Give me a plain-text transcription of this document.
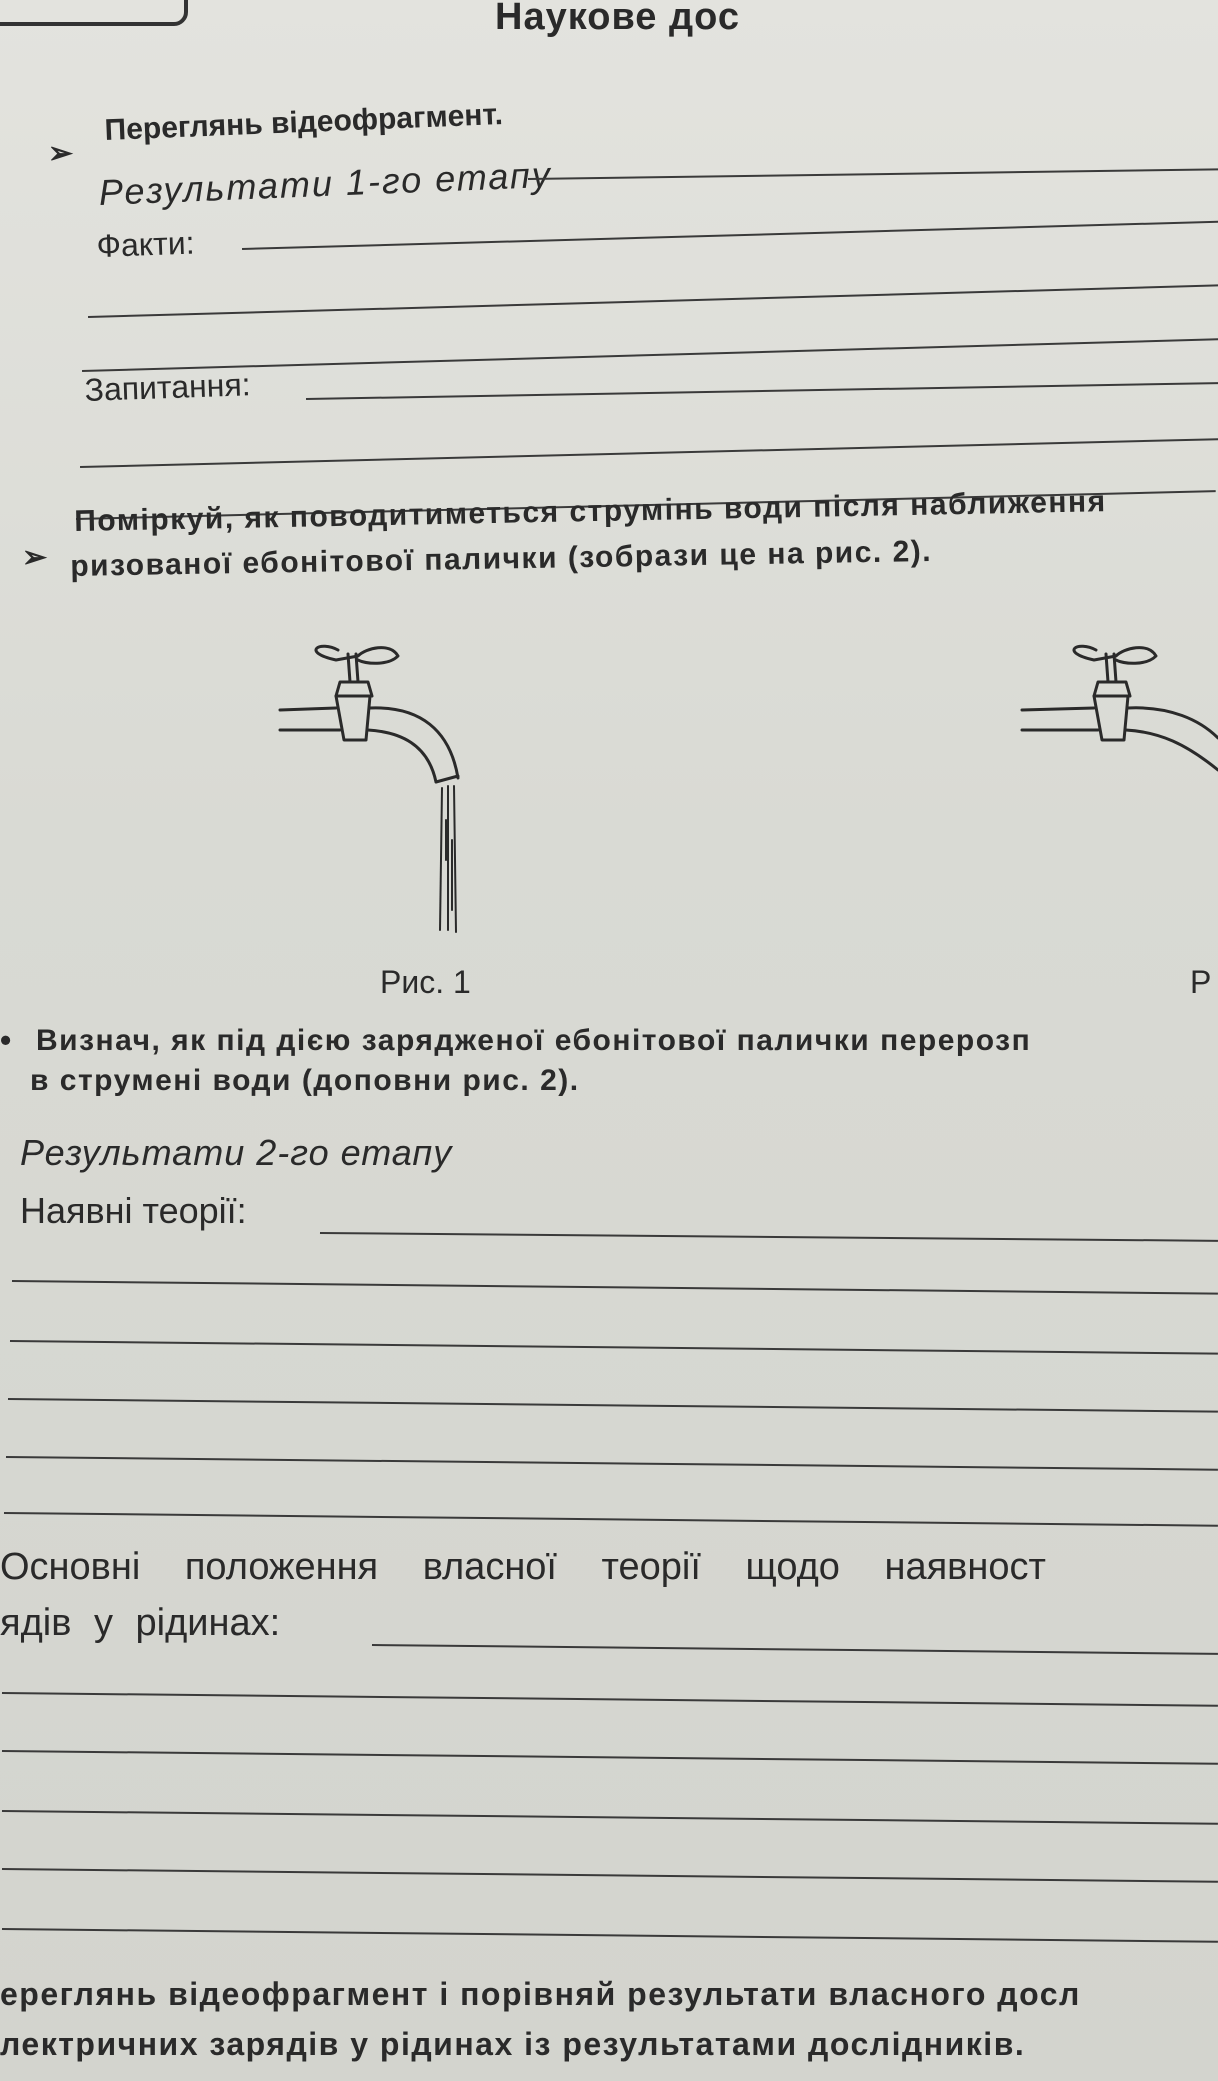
Наукове дос
➢
Переглянь відеофрагмент.
Результати 1-го етапу
Факти:
Запитання:
➢
Поміркуй, як поводитиметься струмінь води після наближення
ризованої ебонітової палички (зобрази це на рис. 2).
Рис. 1	Р
• Визнач, як під дією зарядженої ебонітової палички перерозп
в струмені води (доповни рис. 2).
Результати 2-го етапу
Наявні теорії:
Основні положення власної теорії щодо наявност
ядів у рідинах:
ереглянь відеофрагмент і порівняй результати власного досл
лектричних зарядів у рідинах із результатами дослідників.
